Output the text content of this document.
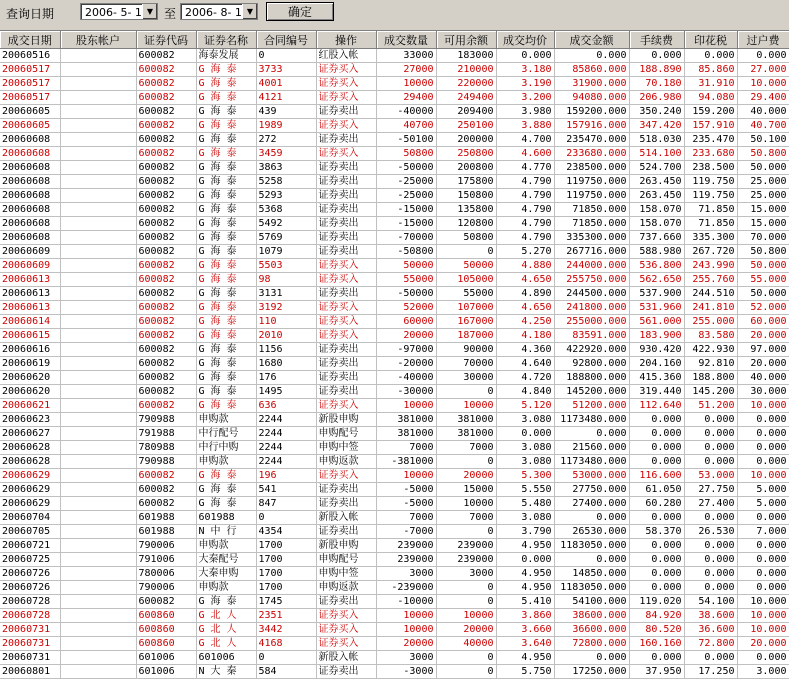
查询日期	2006- 5- 1 ▼ 至 2006- 8- 1 ▼	确定
成交日期	股东帐户	证券代码	证券名称	合同编号	操作	成交数量	可用余额	成交均价	成交金额	手续费	印花税	过户费
20060516		600082	海泰发展	0	红股入帐	33000	183000	0.000	0.000	0.000	0.000	0.000
20060517		600082	G 海 泰	3733	证券买入	27000	210000	3.180	85860.000	188.890	85.860	27.000
20060517		600082	G 海 泰	4001	证券买入	10000	220000	3.190	31900.000	70.180	31.910	10.000
20060517		600082	G 海 泰	4121	证券买入	29400	249400	3.200	94080.000	206.980	94.080	29.400
20060605		600082	G 海 泰	439	证券卖出	-40000	209400	3.980	159200.000	350.240	159.200	40.000
20060605		600082	G 海 泰	1989	证券买入	40700	250100	3.880	157916.000	347.420	157.910	40.700
20060608		600082	G 海 泰	272	证券卖出	-50100	200000	4.700	235470.000	518.030	235.470	50.100
20060608		600082	G 海 泰	3459	证券买入	50800	250800	4.600	233680.000	514.100	233.680	50.800
20060608		600082	G 海 泰	3863	证券卖出	-50000	200800	4.770	238500.000	524.700	238.500	50.000
20060608		600082	G 海 泰	5258	证券卖出	-25000	175800	4.790	119750.000	263.450	119.750	25.000
20060608		600082	G 海 泰	5293	证券卖出	-25000	150800	4.790	119750.000	263.450	119.750	25.000
20060608		600082	G 海 泰	5368	证券卖出	-15000	135800	4.790	71850.000	158.070	71.850	15.000
20060608		600082	G 海 泰	5492	证券卖出	-15000	120800	4.790	71850.000	158.070	71.850	15.000
20060608		600082	G 海 泰	5769	证券卖出	-70000	50800	4.790	335300.000	737.660	335.300	70.000
20060609		600082	G 海 泰	1079	证券卖出	-50800	0	5.270	267716.000	588.980	267.720	50.800
20060609		600082	G 海 泰	5503	证券买入	50000	50000	4.880	244000.000	536.800	243.990	50.000
20060613		600082	G 海 泰	98	证券买入	55000	105000	4.650	255750.000	562.650	255.760	55.000
20060613		600082	G 海 泰	3131	证券卖出	-50000	55000	4.890	244500.000	537.900	244.510	50.000
20060613		600082	G 海 泰	3192	证券买入	52000	107000	4.650	241800.000	531.960	241.810	52.000
20060614		600082	G 海 泰	110	证券买入	60000	167000	4.250	255000.000	561.000	255.000	60.000
20060615		600082	G 海 泰	2010	证券买入	20000	187000	4.180	83591.000	183.900	83.580	20.000
20060616		600082	G 海 泰	1156	证券卖出	-97000	90000	4.360	422920.000	930.420	422.930	97.000
20060619		600082	G 海 泰	1680	证券卖出	-20000	70000	4.640	92800.000	204.160	92.810	20.000
20060620		600082	G 海 泰	176	证券卖出	-40000	30000	4.720	188800.000	415.360	188.800	40.000
20060620		600082	G 海 泰	1495	证券卖出	-30000	0	4.840	145200.000	319.440	145.200	30.000
20060621		600082	G 海 泰	636	证券买入	10000	10000	5.120	51200.000	112.640	51.200	10.000
20060623		790988	申购款	2244	新股申购	381000	381000	3.080	1173480.000	0.000	0.000	0.000
20060627		791988	中行配号	2244	申购配号	381000	381000	0.000	0.000	0.000	0.000	0.000
20060628		780988	中行中购	2244	申购中签	7000	7000	3.080	21560.000	0.000	0.000	0.000
20060628		790988	申购款	2244	申购返款	-381000	0	3.080	1173480.000	0.000	0.000	0.000
20060629		600082	G 海 泰	196	证券买入	10000	20000	5.300	53000.000	116.600	53.000	10.000
20060629		600082	G 海 泰	541	证券卖出	-5000	15000	5.550	27750.000	61.050	27.750	5.000
20060629		600082	G 海 泰	847	证券卖出	-5000	10000	5.480	27400.000	60.280	27.400	5.000
20060704		601988	601988	0	新股入帐	7000	7000	3.080	0.000	0.000	0.000	0.000
20060705		601988	N 中 行	4354	证券卖出	-7000	0	3.790	26530.000	58.370	26.530	7.000
20060721		790006	申购款	1700	新股申购	239000	239000	4.950	1183050.000	0.000	0.000	0.000
20060725		791006	大秦配号	1700	申购配号	239000	239000	0.000	0.000	0.000	0.000	0.000
20060726		780006	大秦申购	1700	申购中签	3000	3000	4.950	14850.000	0.000	0.000	0.000
20060726		790006	申购款	1700	申购返款	-239000	0	4.950	1183050.000	0.000	0.000	0.000
20060728		600082	G 海 泰	1745	证券卖出	-10000	0	5.410	54100.000	119.020	54.100	10.000
20060728		600860	G 北 人	2351	证券买入	10000	10000	3.860	38600.000	84.920	38.600	10.000
20060731		600860	G 北 人	3442	证券买入	10000	20000	3.660	36600.000	80.520	36.600	10.000
20060731		600860	G 北 人	4168	证券买入	20000	40000	3.640	72800.000	160.160	72.800	20.000
20060731		601006	601006	0	新股入帐	3000	0	4.950	0.000	0.000	0.000	0.000
20060801		601006	N 大 秦	584	证券卖出	-3000	0	5.750	17250.000	37.950	17.250	3.000
